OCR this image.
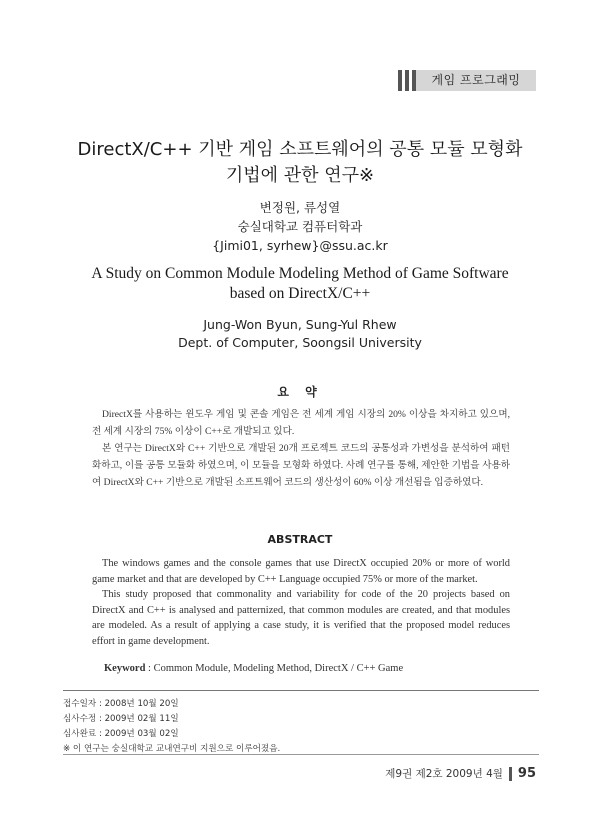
게임 프로그래밍
DirectX/C++ 기반 게임 소프트웨어의 공통 모듈 모형화
기법에 관한 연구※
변정원, 류성열
숭실대학교 컴퓨터학과
{Jimi01, syrhew}@ssu.ac.kr
A Study on Common Module Modeling Method of Game Software
based on DirectX/C++
Jung-Won Byun, Sung-Yul Rhew
Dept. of Computer, Soongsil University
요 약

DirectX를 사용하는 윈도우 게임 및 콘솔 게임은 전 세계 게임 시장의 20% 이상을 차지하고 있으며, 전 세계 시장의 75% 이상이 C++로 개발되고 있다.

본 연구는 DirectX와 C++ 기반으로 개발된 20개 프로젝트 코드의 공통성과 가변성을 분석하여 패턴화하고, 이를 공통 모듈화 하였으며, 이 모듈을 모형화 하였다. 사례 연구를 통해, 제안한 기법을 사용하여 DirectX와 C++ 기반으로 개발된 소프트웨어 코드의 생산성이 60% 이상 개선됨을 입증하였다.

ABSTRACT

The windows games and the console games that use DirectX occupied 20% or more of world game market and that are developed by C++ Language occupied 75% or more of the market.

This study proposed that commonality and variability for code of the 20 projects based on DirectX and C++ is analysed and patternized, that common modules are created, and that modules are modeled. As a result of applying a case study, it is verified that the proposed model reduces effort in game development.

Keyword : Common Module, Modeling Method, DirectX / C++ Game
접수일자 : 2008년 10월 20일
심사수정 : 2009년 02월 11일
심사완료 : 2009년 03월 02일
※ 이 연구는 숭실대학교 교내연구비 지원으로 이루어졌음.
제9권 제2호 2009년 4월 95
